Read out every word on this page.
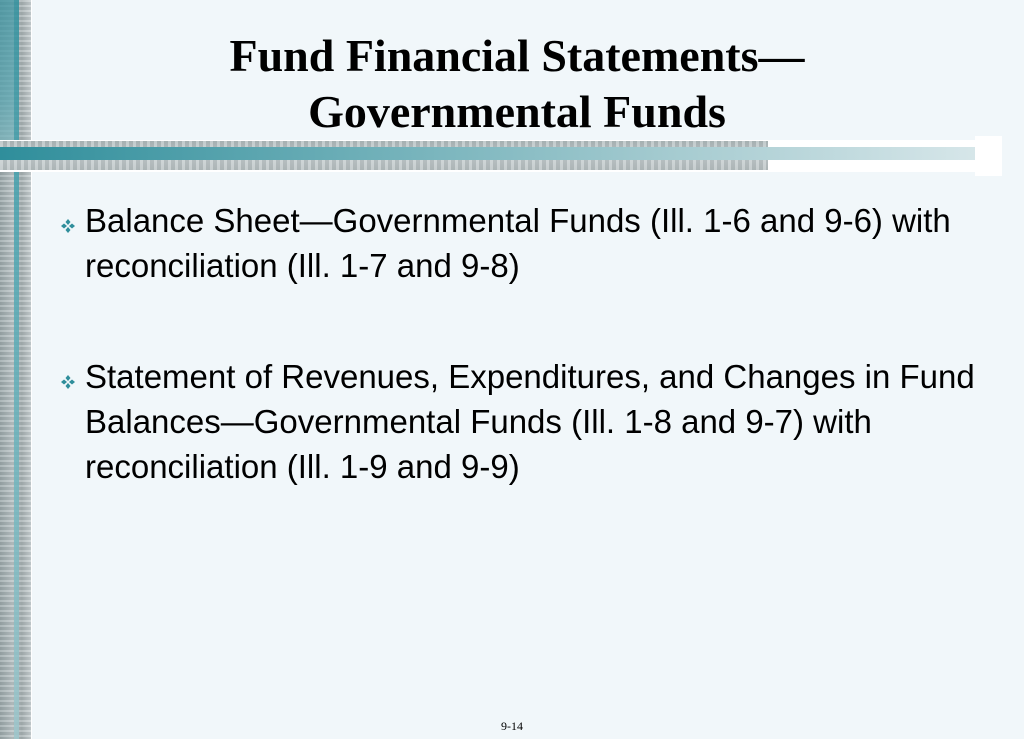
Fund Financial Statements—
Governmental Funds
Balance Sheet—Governmental Funds (Ill. 1-6 and 9-6) with reconciliation (Ill. 1-7 and 9-8)
Statement of Revenues, Expenditures, and Changes in Fund Balances—Governmental Funds (Ill. 1-8 and 9-7) with reconciliation (Ill. 1-9 and 9-9)
9-14
